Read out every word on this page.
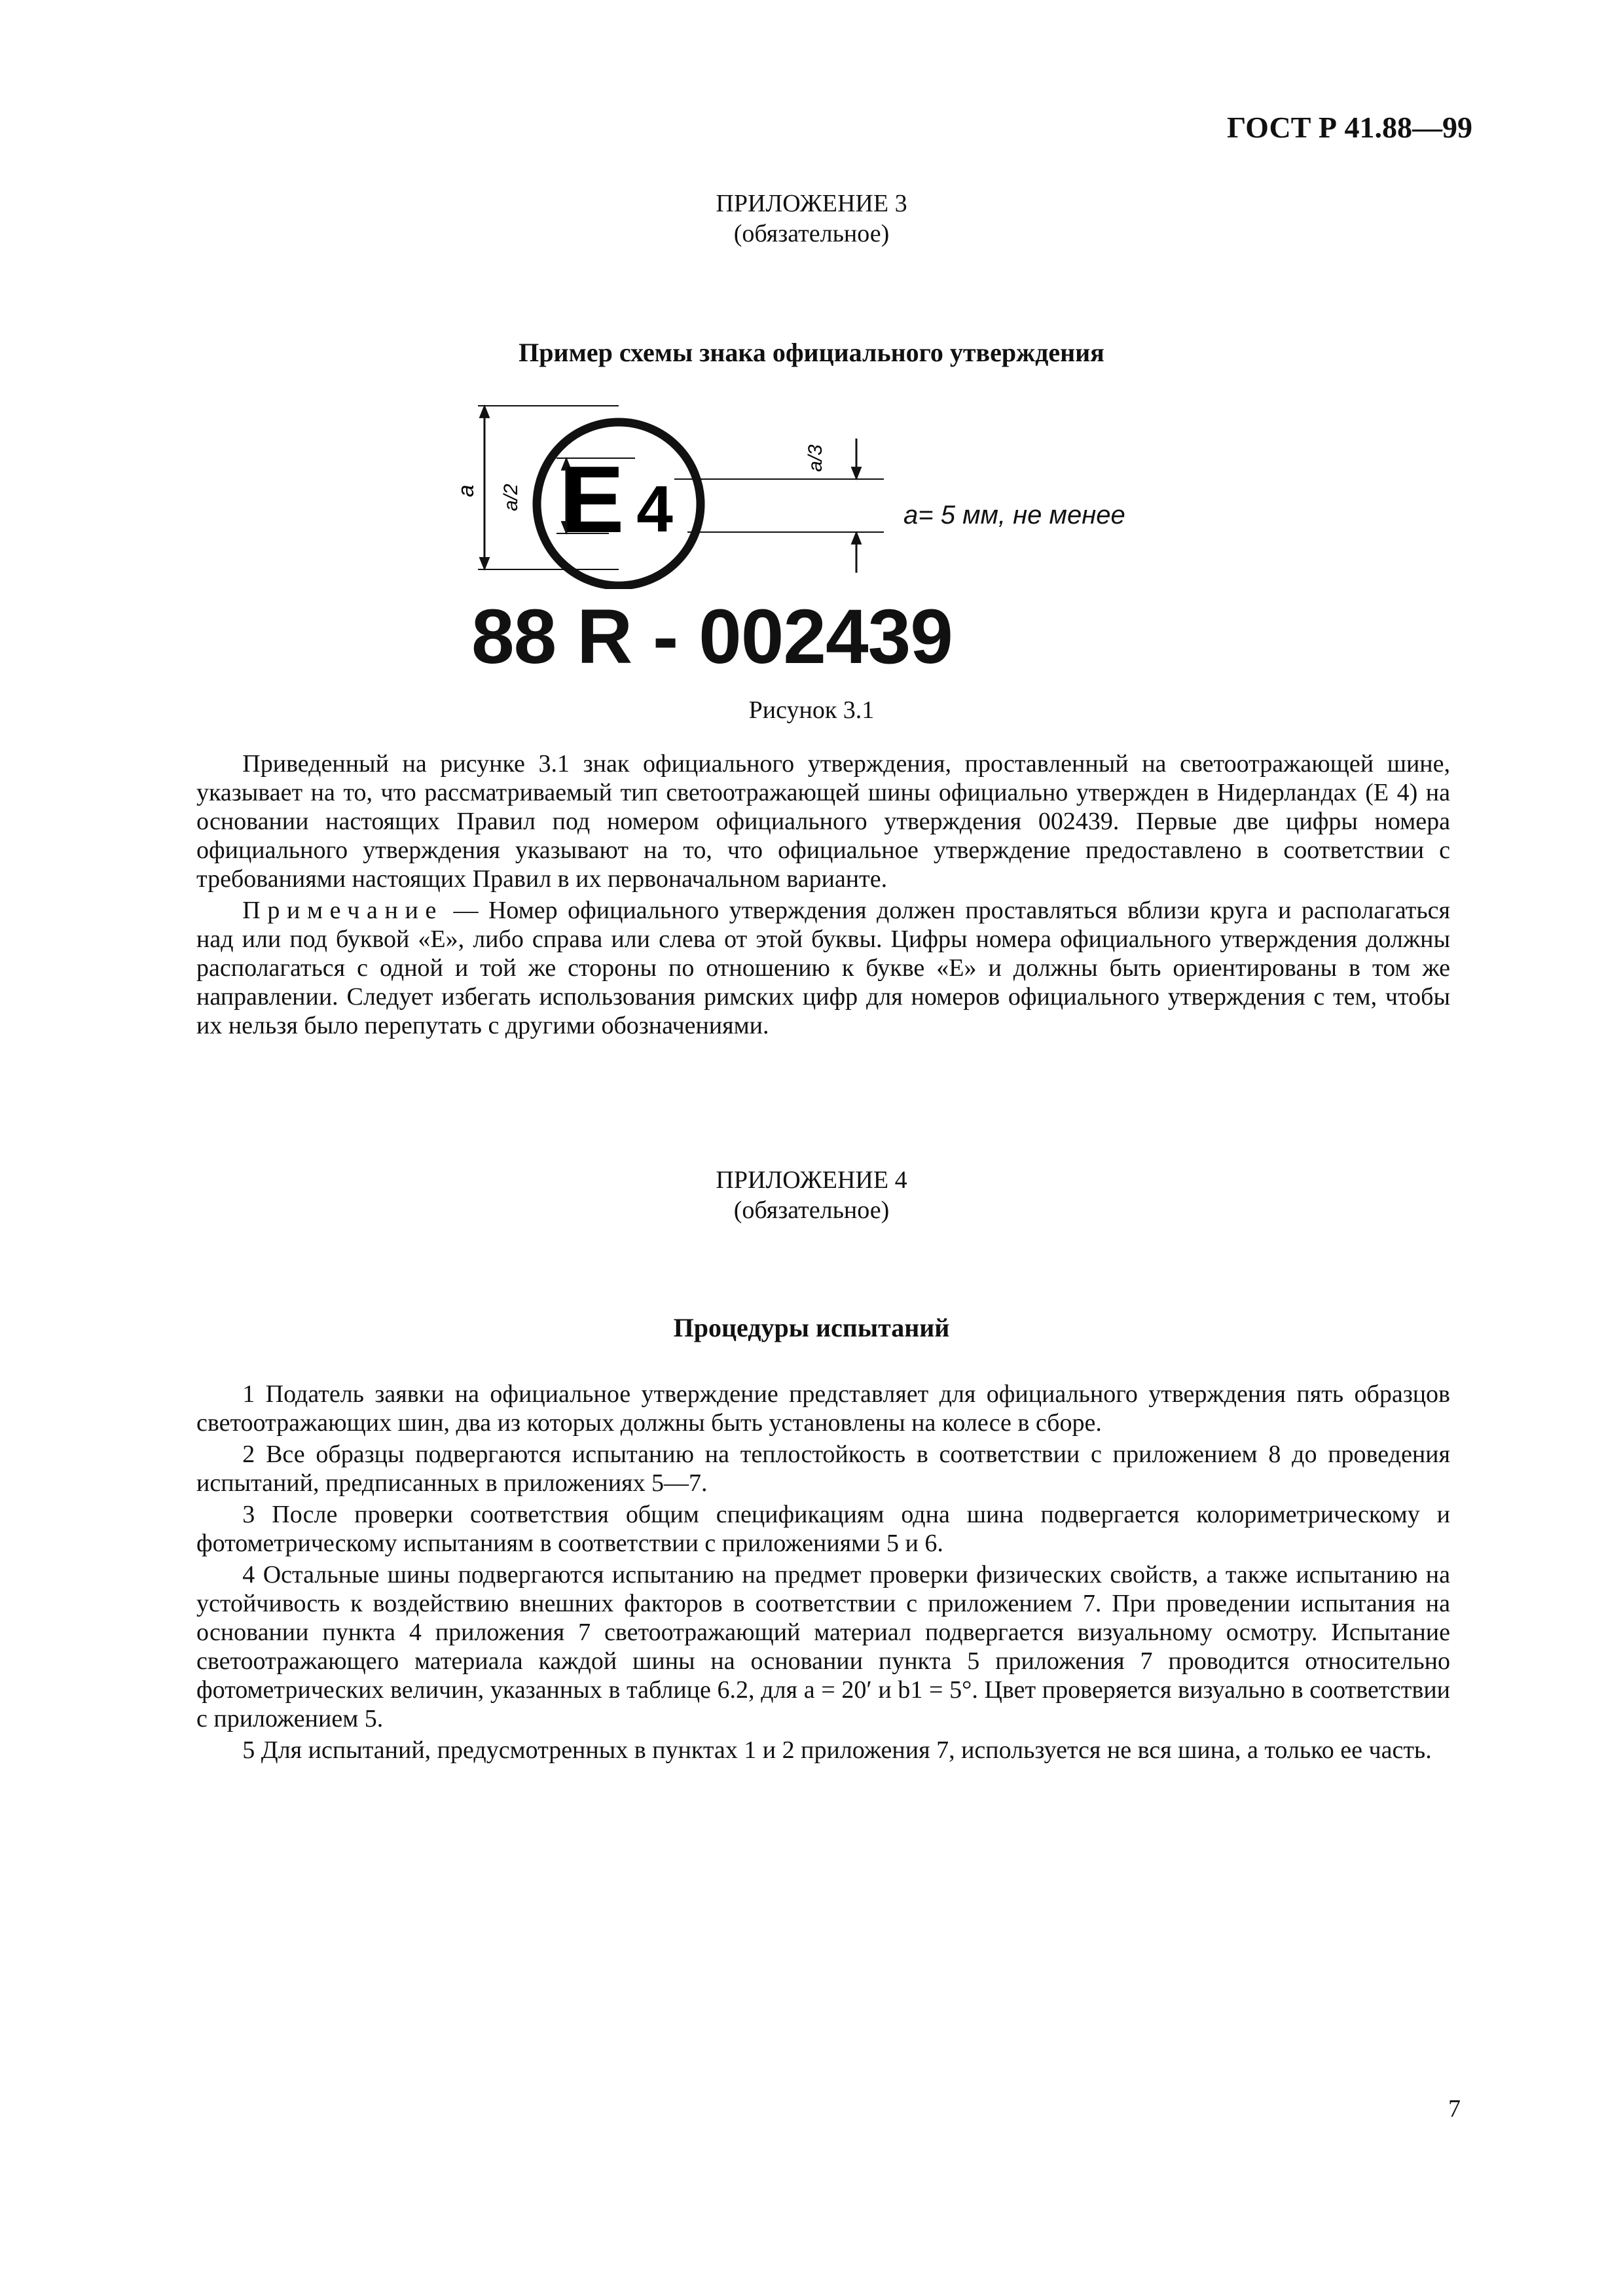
ГОСТ Р 41.88—99
ПРИЛОЖЕНИЕ 3
(обязательное)
Пример схемы знака официального утверждения
E 4
a a/2
a/3
a= 5 мм, не менее
88 R - 002439
Рисунок 3.1

Приведенный на рисунке 3.1 знак официального утверждения, проставленный на светоотражающей шине, указывает на то, что рассматриваемый тип светоотражающей шины официально утвержден в Нидерландах (Е 4) на основании настоящих Правил под номером официального утверждения 002439. Первые две цифры номера официального утверждения указывают на то, что официальное утверждение предоставлено в соответствии с требованиями настоящих Правил в их первоначальном варианте.

Примечание — Номер официального утверждения должен проставляться вблизи круга и располагаться над или под буквой «Е», либо справа или слева от этой буквы. Цифры номера официального утверждения должны располагаться с одной и той же стороны по отношению к букве «Е» и должны быть ориентированы в том же направлении. Следует избегать использования римских цифр для номеров официального утверждения с тем, чтобы их нельзя было перепутать с другими обозначениями.

ПРИЛОЖЕНИЕ 4
(обязательное)
Процедуры испытаний

1 Податель заявки на официальное утверждение представляет для официального утверждения пять образцов светоотражающих шин, два из которых должны быть установлены на колесе в сборе.

2 Все образцы подвергаются испытанию на теплостойкость в соответствии с приложением 8 до проведения испытаний, предписанных в приложениях 5—7.

3 После проверки соответствия общим спецификациям одна шина подвергается колориметрическому и фотометрическому испытаниям в соответствии с приложениями 5 и 6.

4 Остальные шины подвергаются испытанию на предмет проверки физических свойств, а также испытанию на устойчивость к воздействию внешних факторов в соответствии с приложением 7. При проведении испытания на основании пункта 4 приложения 7 светоотражающий материал подвергается визуальному осмотру. Испытание светоотражающего материала каждой шины на основании пункта 5 приложения 7 проводится относительно фотометрических величин, указанных в таблице 6.2, для a = 20′ и b1 = 5°. Цвет проверяется визуально в соответствии с приложением 5.

5 Для испытаний, предусмотренных в пунктах 1 и 2 приложения 7, используется не вся шина, а только ее часть.

7
